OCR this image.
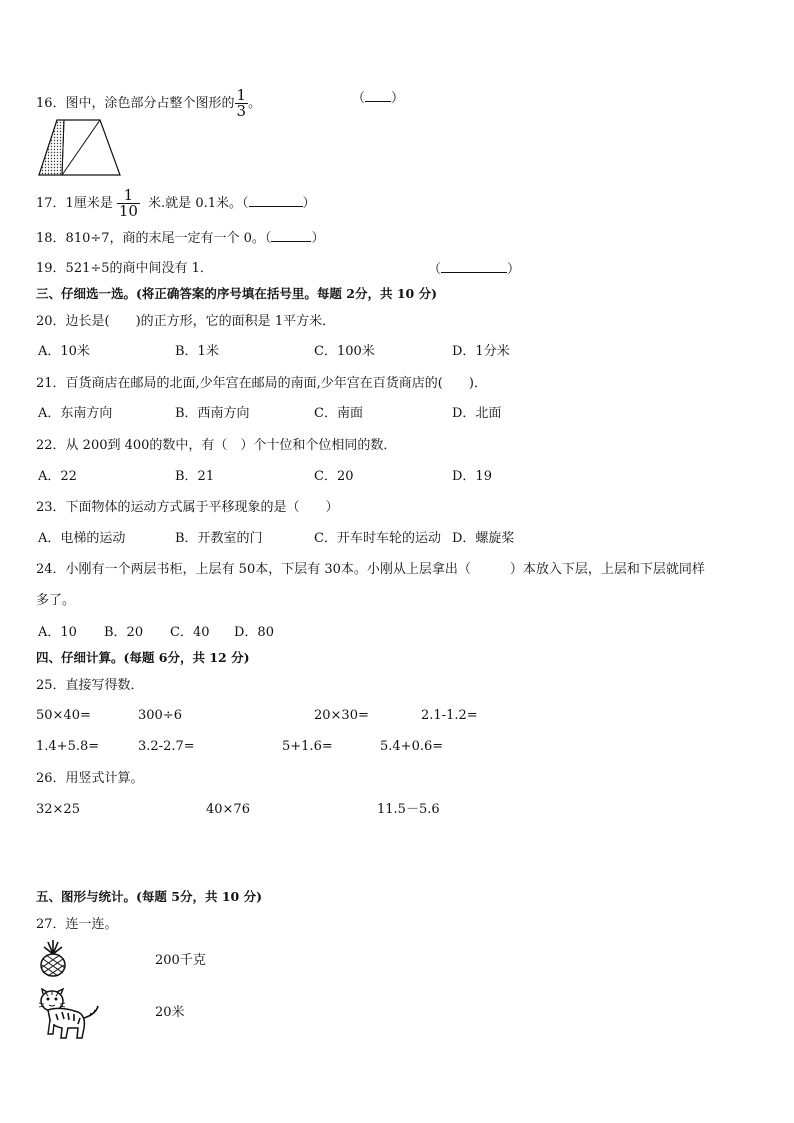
16．图中，涂色部分占整个图形的 $\frac{1}{3}$ 。	（ ）
17．1厘米是 $\frac{1}{10}$ 米.就是 0.1米。（	）
18．810÷7，商的末尾一定有一个 0。（	）
19．521÷5的商中间没有 1．	（	）
三、仔细选一选。(将正确答案的序号填在括号里。每题 2分，共 10 分)
20．边长是(　　)的正方形，它的面积是 1平方米．
A．10米	B．1米	C．100米	D．1分米
21．百货商店在邮局的北面,少年宫在邮局的南面,少年宫在百货商店的(　　)．
A．东南方向	B．西南方向	C．南面	D．北面
22．从 200到 400的数中，有（　）个十位和个位相同的数．
A．22	B．21	C．20	D．19
23．下面物体的运动方式属于平移现象的是（　　）
A．电梯的运动	B．开教室的门	C．开车时车轮的运动 D．螺旋桨
24．小刚有一个两层书柜，上层有 50本，下层有 30本。小刚从上层拿出（　　　）本放入下层，上层和下层就同样
多了。
A．10 B．20 C．40 D．80
四、仔细计算。(每题 6分，共 12 分)
25．直接写得数．
50×40=	300÷6	20×30=	2.1-1.2=
1.4+5.8=	3.2-2.7=	5+1.6=	5.4+0.6=
26．用竖式计算。
32×25	40×76	11.5－5.6
五、图形与统计。(每题 5分，共 10 分)
27．连一连。
200千克
20米
